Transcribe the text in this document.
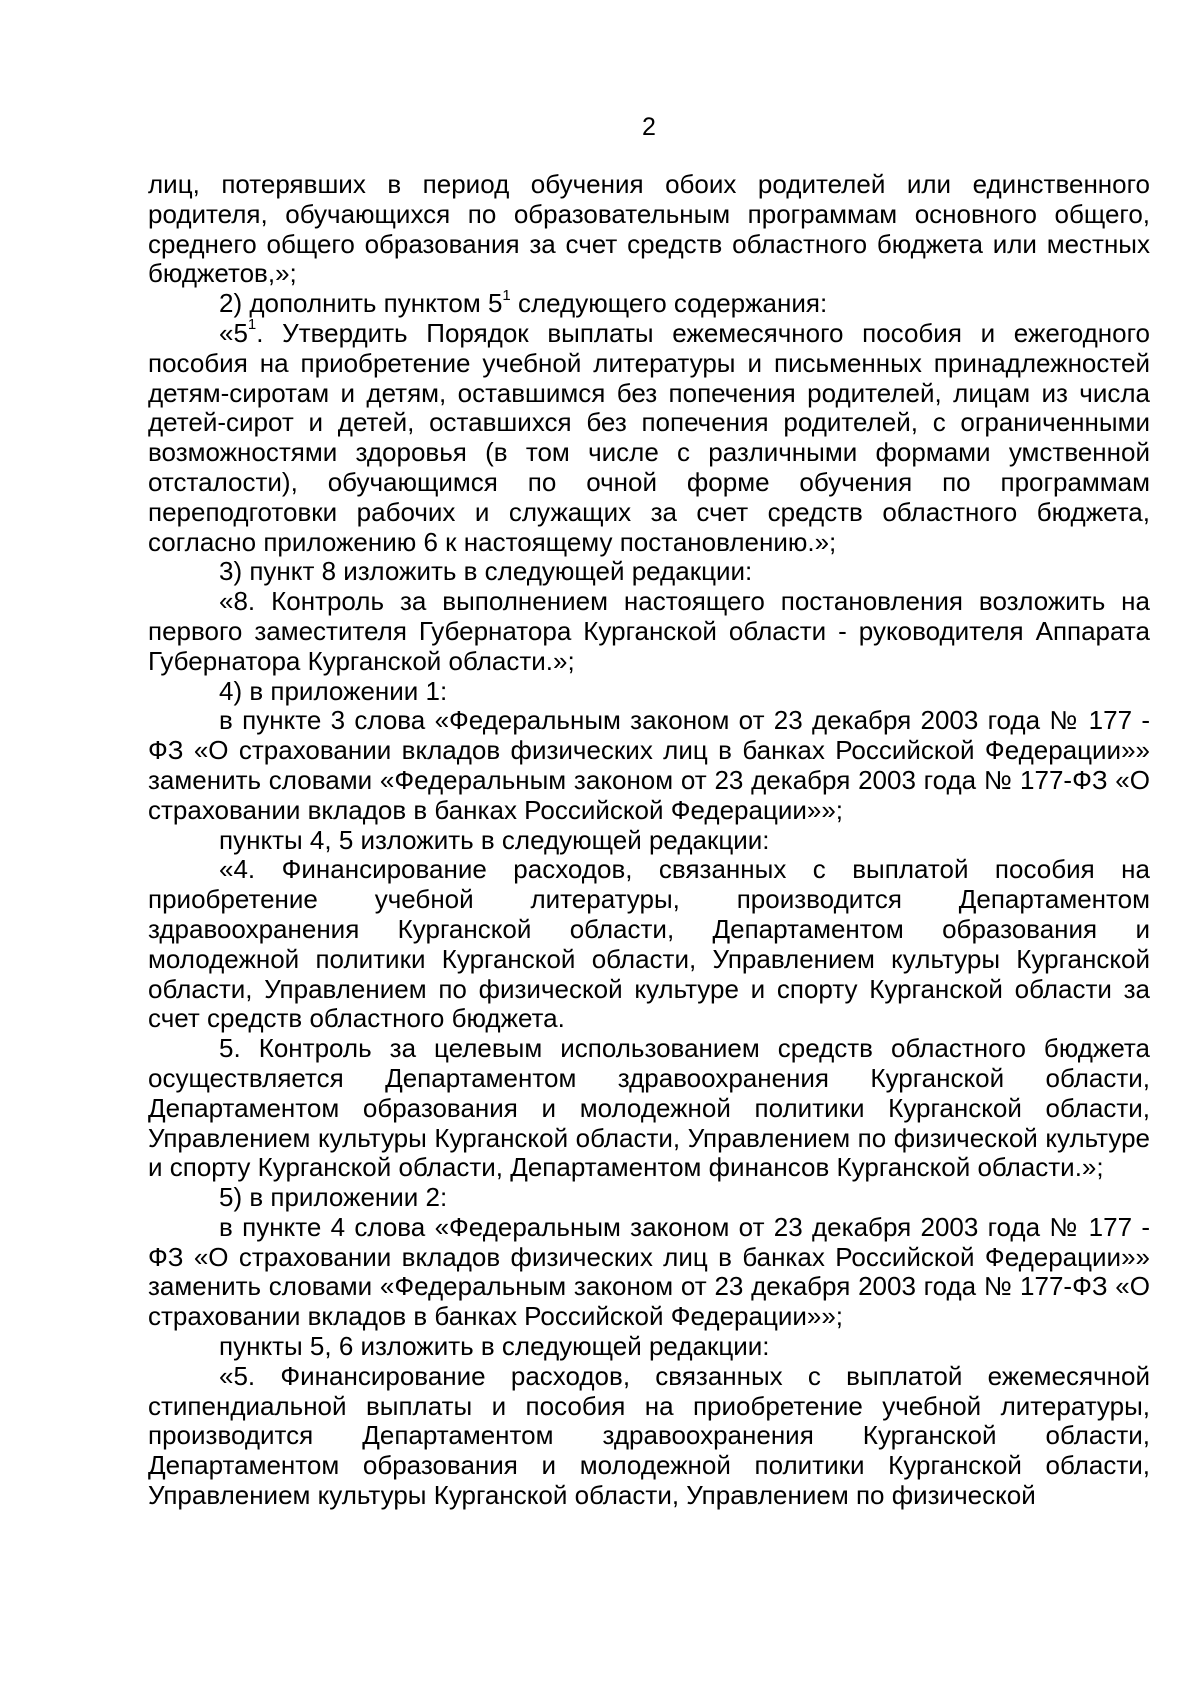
2

лиц, потерявших в период обучения обоих родителей или единственного родителя, обучающихся по образовательным программам основного общего, среднего общего образования за счет средств областного бюджета или местных бюджетов,»;

2) дополнить пунктом $5^1$ следующего содержания:

«$5^1$. Утвердить Порядок выплаты ежемесячного пособия и ежегодного пособия на приобретение учебной литературы и письменных принадлежностей детям-сиротам и детям, оставшимся без попечения родителей, лицам из числа детей-сирот и детей, оставшихся без попечения родителей, с ограниченными возможностями здоровья (в том числе с различными формами умственной отсталости), обучающимся по очной форме обучения по программам переподготовки рабочих и служащих за счет средств областного бюджета, согласно приложению 6 к настоящему постановлению.»;

3) пункт 8 изложить в следующей редакции:

«8. Контроль за выполнением настоящего постановления возложить на первого заместителя Губернатора Курганской области - руководителя Аппарата Губернатора Курганской области.»;

4) в приложении 1:

в пункте 3 слова «Федеральным законом от 23 декабря 2003 года № 177 - ФЗ «О страховании вкладов физических лиц в банках Российской Федерации»» заменить словами «Федеральным законом от 23 декабря 2003 года № 177-ФЗ «О страховании вкладов в банках Российской Федерации»»;

пункты 4, 5 изложить в следующей редакции:

«4. Финансирование расходов, связанных с выплатой пособия на приобретение учебной литературы, производится Департаментом здравоохранения Курганской области, Департаментом образования и молодежной политики Курганской области, Управлением культуры Курганской области, Управлением по физической культуре и спорту Курганской области за счет средств областного бюджета.

5. Контроль за целевым использованием средств областного бюджета осуществляется Департаментом здравоохранения Курганской области, Департаментом образования и молодежной политики Курганской области, Управлением культуры Курганской области, Управлением по физической культуре и спорту Курганской области, Департаментом финансов Курганской области.»;

5) в приложении 2:

в пункте 4 слова «Федеральным законом от 23 декабря 2003 года № 177 - ФЗ «О страховании вкладов физических лиц в банках Российской Федерации»» заменить словами «Федеральным законом от 23 декабря 2003 года № 177-ФЗ «О страховании вкладов в банках Российской Федерации»»;

пункты 5, 6 изложить в следующей редакции:

«5. Финансирование расходов, связанных с выплатой ежемесячной стипендиальной выплаты и пособия на приобретение учебной литературы, производится Департаментом здравоохранения Курганской области, Департаментом образования и молодежной политики Курганской области, Управлением культуры Курганской области, Управлением по физической
